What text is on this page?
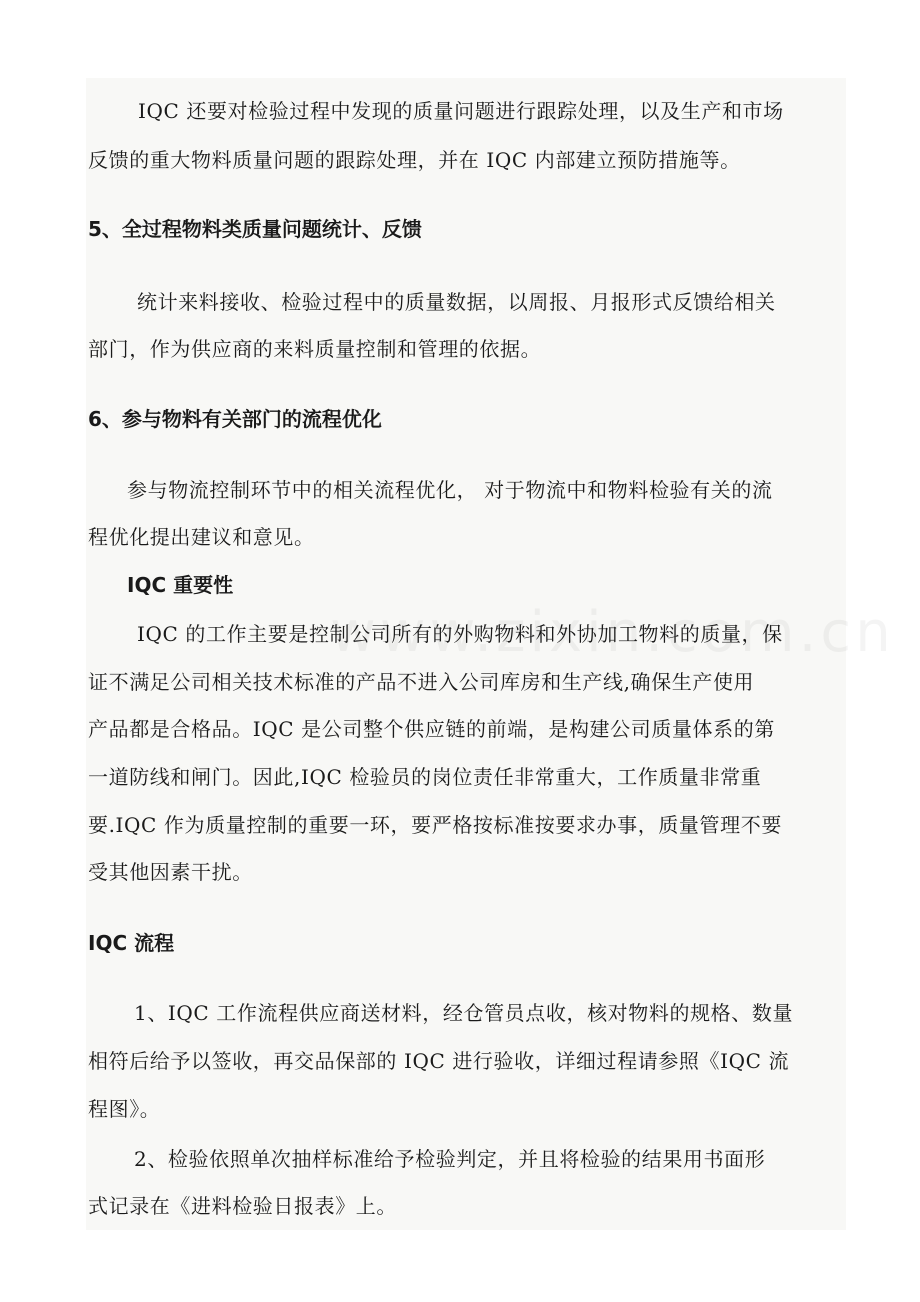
IQC 还要对检验过程中发现的质量问题进行跟踪处理，以及生产和市场
反馈的重大物料质量问题的跟踪处理，并在 IQC 内部建立预防措施等。
5、全过程物料类质量问题统计、反馈
统计来料接收、检验过程中的质量数据，以周报、月报形式反馈给相关
部门，作为供应商的来料质量控制和管理的依据。
6、参与物料有关部门的流程优化
参与物流控制环节中的相关流程优化， 对于物流中和物料检验有关的流
程优化提出建议和意见。
IQC 重要性
IQC 的工作主要是控制公司所有的外购物料和外协加工物料的质量，保
证不满足公司相关技术标准的产品不进入公司库房和生产线,确保生产使用
产品都是合格品。IQC 是公司整个供应链的前端，是构建公司质量体系的第
一道防线和闸门。因此,IQC 检验员的岗位责任非常重大，工作质量非常重
要.IQC 作为质量控制的重要一环，要严格按标准按要求办事，质量管理不要
受其他因素干扰。
IQC 流程
1、IQC 工作流程供应商送材料，经仓管员点收，核对物料的规格、数量
相符后给予以签收，再交品保部的 IQC 进行验收，详细过程请参照《IQC 流
程图》。
2、检验依照单次抽样标准给予检验判定，并且将检验的结果用书面形
式记录在《进料检验日报表》上。
